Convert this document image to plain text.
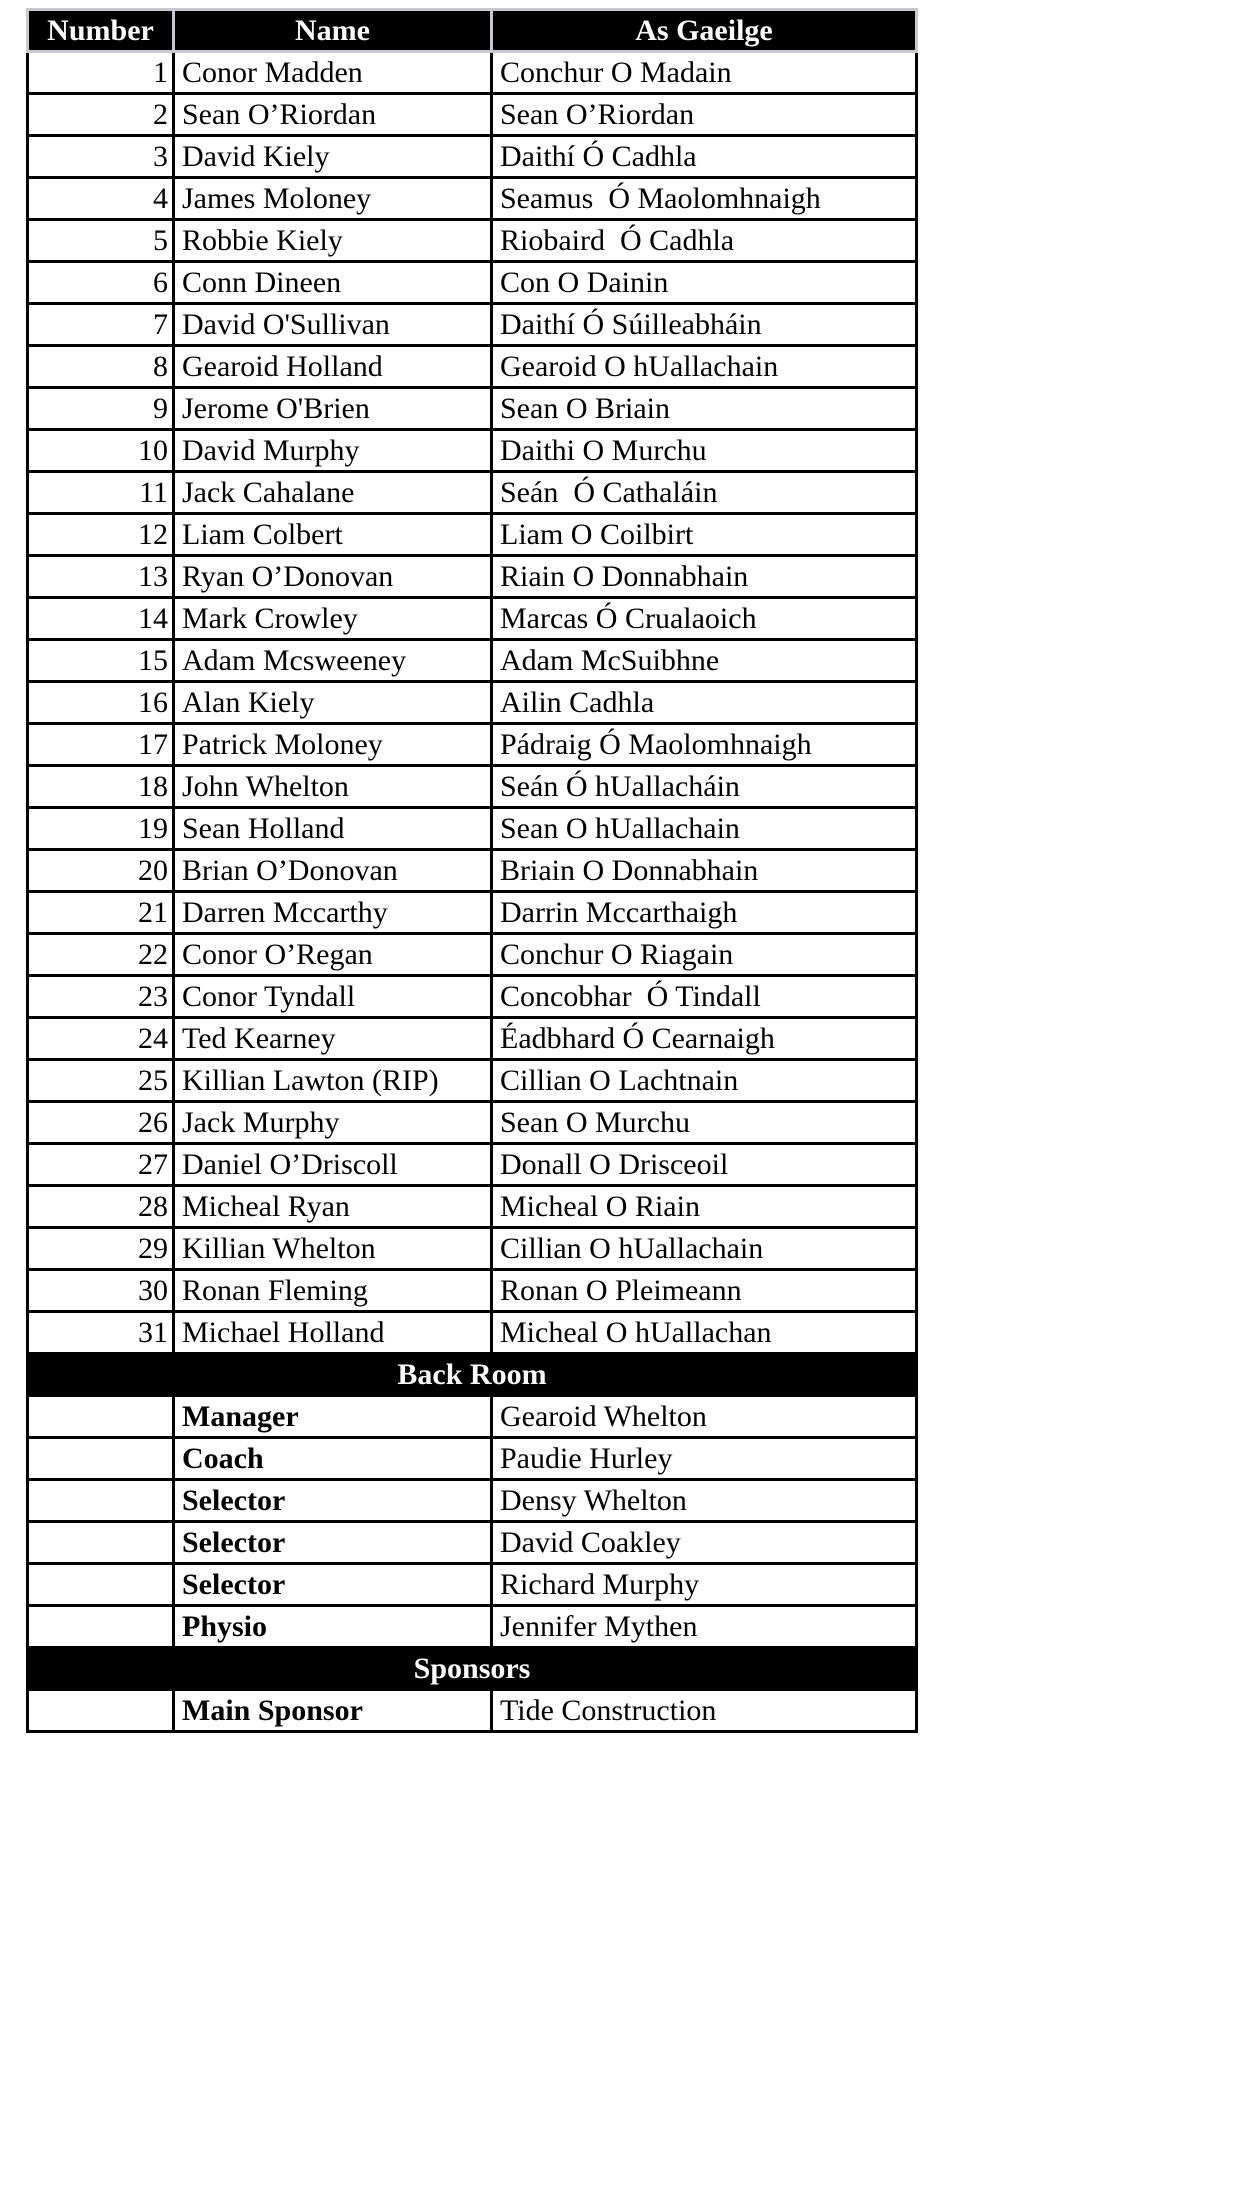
Number	Name	As Gaeilge
1	Conor Madden	Conchur O Madain
2	Sean O’Riordan	Sean O’Riordan
3	David Kiely	Daithí Ó Cadhla
4	James Moloney	Seamus  Ó Maolomhnaigh
5	Robbie Kiely	Riobaird  Ó Cadhla
6	Conn Dineen	Con O Dainin
7	David O'Sullivan	Daithí Ó Súilleabháin
8	Gearoid Holland	Gearoid O hUallachain
9	Jerome O'Brien	Sean O Briain
10	David Murphy	Daithi O Murchu
11	Jack Cahalane	Seán  Ó Cathaláin
12	Liam Colbert	Liam O Coilbirt
13	Ryan O’Donovan	Riain O Donnabhain
14	Mark Crowley	Marcas Ó Crualaoich
15	Adam Mcsweeney	Adam McSuibhne
16	Alan Kiely	Ailin Cadhla
17	Patrick Moloney	Pádraig Ó Maolomhnaigh
18	John Whelton	Seán Ó hUallacháin
19	Sean Holland	Sean O hUallachain
20	Brian O’Donovan	Briain O Donnabhain
21	Darren Mccarthy	Darrin Mccarthaigh
22	Conor O’Regan	Conchur O Riagain
23	Conor Tyndall	Concobhar  Ó Tindall
24	Ted Kearney	Éadbhard Ó Cearnaigh
25	Killian Lawton (RIP)	Cillian O Lachtnain
26	Jack Murphy	Sean O Murchu
27	Daniel O’Driscoll	Donall O Drisceoil
28	Micheal Ryan	Micheal O Riain
29	Killian Whelton	Cillian O hUallachain
30	Ronan Fleming	Ronan O Pleimeann
31	Michael Holland	Micheal O hUallachan
Back Room		
	Manager	Gearoid Whelton
	Coach	Paudie Hurley
	Selector	Densy Whelton
	Selector	David Coakley
	Selector	Richard Murphy
	Physio	Jennifer Mythen
Sponsors		
	Main Sponsor	Tide Construction
